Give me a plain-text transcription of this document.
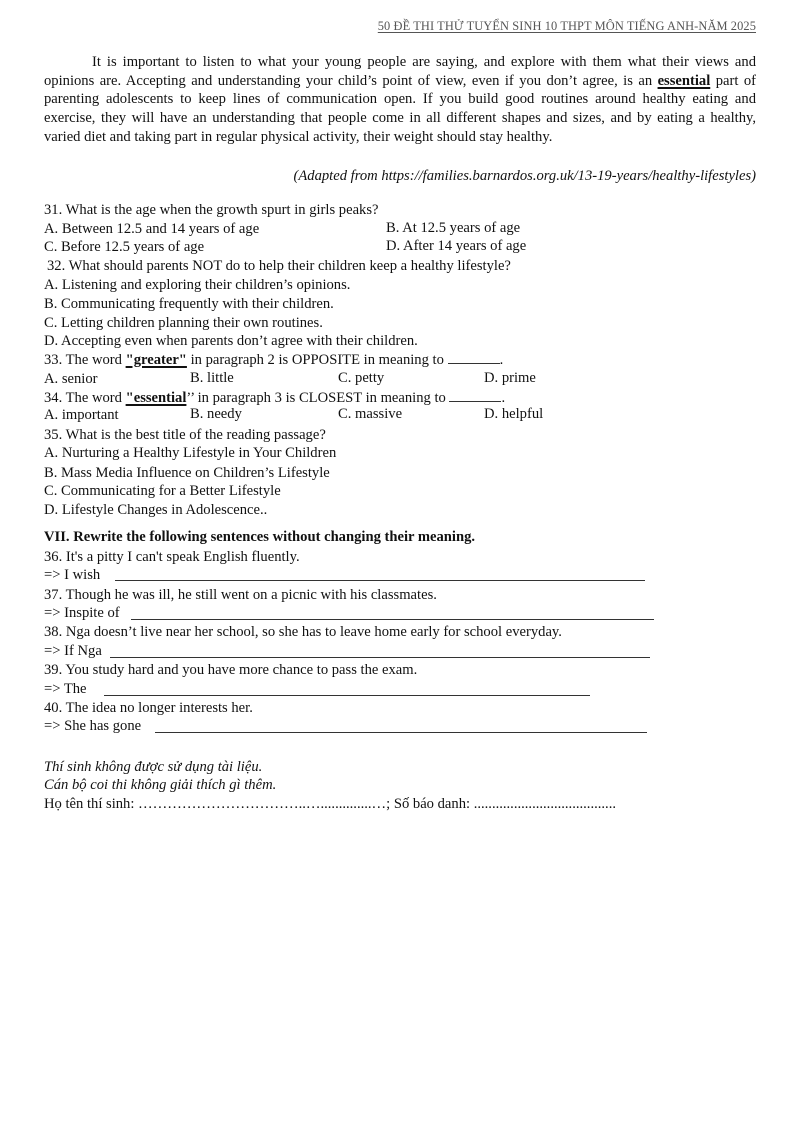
50 ĐỀ THI THỬ TUYỂN SINH 10 THPT MÔN TIẾNG ANH-NĂM 2025

It is important to listen to what your young people are saying, and explore with them what their views and opinions are. Accepting and understanding your child’s point of view, even if you don’t agree, is an essential part of parenting adolescents to keep lines of communication open. If you build good routines around healthy eating and exercise, they will have an understanding that people come in all different shapes and sizes, and by eating a healthy, varied diet and taking part in regular physical activity, their weight should stay healthy.

(Adapted from https://families.barnardos.org.uk/13-19-years/healthy-lifestyles)
31. What is the age when the growth spurt in girls peaks?
A. Between 12.5 and 14 years of age	B. At 12.5 years of age
C. Before 12.5 years of age	D. After 14 years of age
32. What should parents NOT do to help their children keep a healthy lifestyle?
A. Listening and exploring their children’s opinions.
B. Communicating frequently with their children.
C. Letting children planning their own routines.
D. Accepting even when parents don’t agree with their children.
33. The word "greater" in paragraph 2 is OPPOSITE in meaning to	.
A. senior	B. little	C. petty	D. prime
34. The word "essential’’ in paragraph 3 is CLOSEST in meaning to	.
A. important	B. needy	C. massive	D. helpful
35. What is the best title of the reading passage?
A. Nurturing a Healthy Lifestyle in Your Children
B. Mass Media Influence on Children’s Lifestyle
C. Communicating for a Better Lifestyle
D. Lifestyle Changes in Adolescence..
VII. Rewrite the following sentences without changing their meaning.
36. It's a pitty I can't speak English fluently.
=> I wish
37. Though he was ill, he still went on a picnic with his classmates.
=> Inspite of
38. Nga doesn’t live near her school, so she has to leave home early for school everyday.
=> If Nga
39. You study hard and you have more chance to pass the exam.
=> The
40. The idea no longer interests her.
=> She has gone
Thí sinh không được sử dụng tài liệu.
Cán bộ coi thi không giải thích gì thêm.
Họ tên thí sinh: ……………………………..…..............…; Số báo danh: .......................................
